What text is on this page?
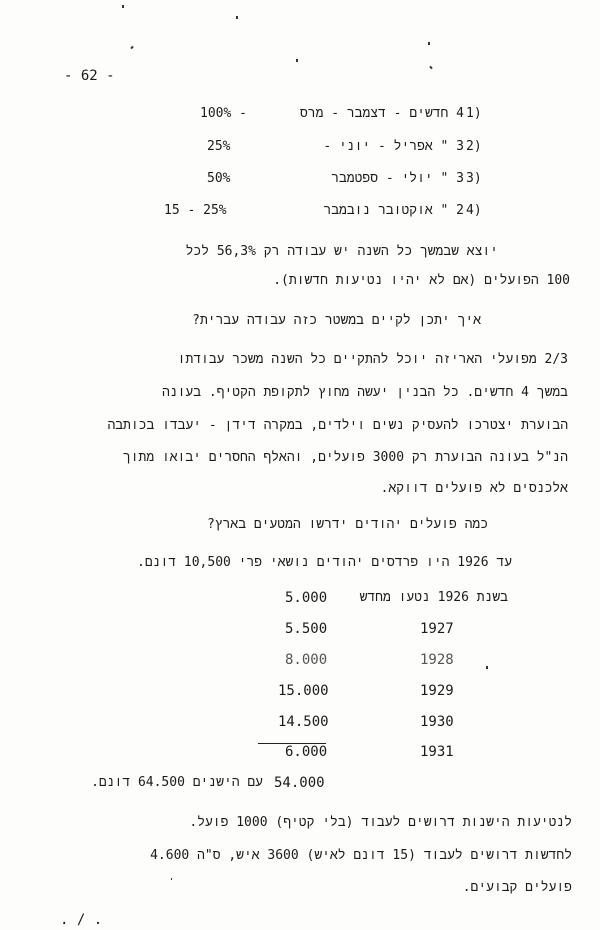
- 62 -
100% -	4 חדשים - דצמבר - מרס 1)
25%	3 " אפריל - יוני - 2)
50%	3 " יולי - ספטמבר 3)
15 - 25%	2 " אוקטובר נובמבר 4)
יוצא שבמשך כל השנה יש עבודה רק 56,3% לכל
100 הפועלים (אם לא יהיו נטיעות חדשות).
איך יתכן לקיים במשטר כזה עבודה עברית?
2/3 מפועלי האריזה יוכל להתקיים כל השנה משכר עבודתו
במשך 4 חדשים. כל הבנין יעשה מחוץ לתקופת הקטיף. בעונה
הבוערת יצטרכו להעסיק נשים וילדים, במקרה דידן - יעבדו בכותבה
הנ"ל בעונה הבוערת רק 3000 פועלים, והאלף החסרים יבואו מתוך
אלכנסים לא פועלים דווקא.
כמה פועלים יהודים ידרשו המטעים בארץ?
עד 1926 היו פרדסים יהודים נושאי פרי 10,500 דונם.
בשנת 1926 נטעו מחדש
5.000
5.500	1927
8.000	1928
15.000	1929
14.500	1930
6.000	1931
עם הישנים 64.500 דונם. 54.000
לנטיעות הישנות דרושים לעבוד (בלי קטיף) 1000 פועל.
לחדשות דרושים לעבוד (15 דונם לאיש) 3600 איש, ס"ה 4.600
פועלים קבועים.
. / .
